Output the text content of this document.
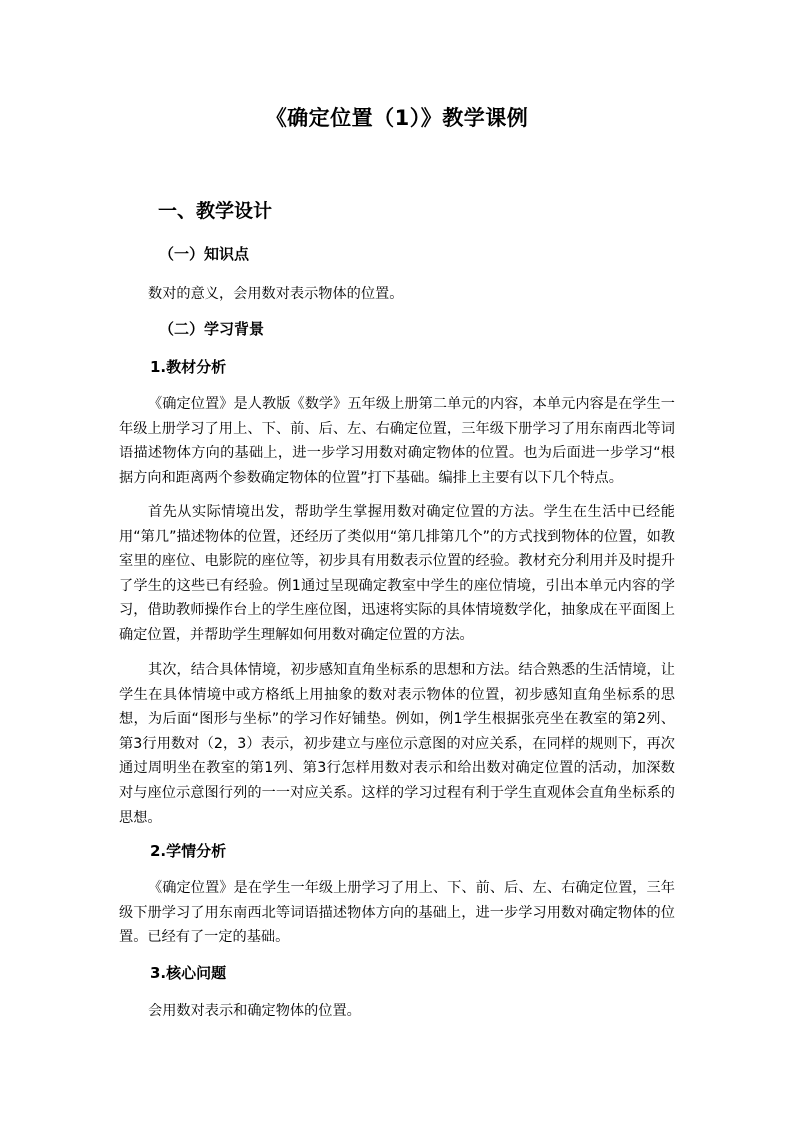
《确定位置（1）》教学课例
一、教学设计
（一）知识点
数对的意义，会用数对表示物体的位置。
（二）学习背景
1.教材分析

《确定位置》是人教版《数学》五年级上册第二单元的内容，本单元内容是在学生一年级上册学习了用上、下、前、后、左、右确定位置，三年级下册学习了用东南西北等词语描述物体方向的基础上，进一步学习用数对确定物体的位置。也为后面进一步学习“根据方向和距离两个参数确定物体的位置”打下基础。编排上主要有以下几个特点。

首先从实际情境出发，帮助学生掌握用数对确定位置的方法。学生在生活中已经能用“第几”描述物体的位置，还经历了类似用“第几排第几个”的方式找到物体的位置，如教室里的座位、电影院的座位等，初步具有用数表示位置的经验。教材充分利用并及时提升了学生的这些已有经验。例1通过呈现确定教室中学生的座位情境，引出本单元内容的学习，借助教师操作台上的学生座位图，迅速将实际的具体情境数学化，抽象成在平面图上确定位置，并帮助学生理解如何用数对确定位置的方法。

其次，结合具体情境，初步感知直角坐标系的思想和方法。结合熟悉的生活情境，让学生在具体情境中或方格纸上用抽象的数对表示物体的位置，初步感知直角坐标系的思想，为后面“图形与坐标”的学习作好铺垫。例如，例1学生根据张亮坐在教室的第2列、第3行用数对（2，3）表示，初步建立与座位示意图的对应关系，在同样的规则下，再次通过周明坐在教室的第1列、第3行怎样用数对表示和给出数对确定位置的活动，加深数对与座位示意图行列的一一对应关系。这样的学习过程有利于学生直观体会直角坐标系的思想。

2.学情分析

《确定位置》是在学生一年级上册学习了用上、下、前、后、左、右确定位置，三年级下册学习了用东南西北等词语描述物体方向的基础上，进一步学习用数对确定物体的位置。已经有了一定的基础。

3.核心问题
会用数对表示和确定物体的位置。
